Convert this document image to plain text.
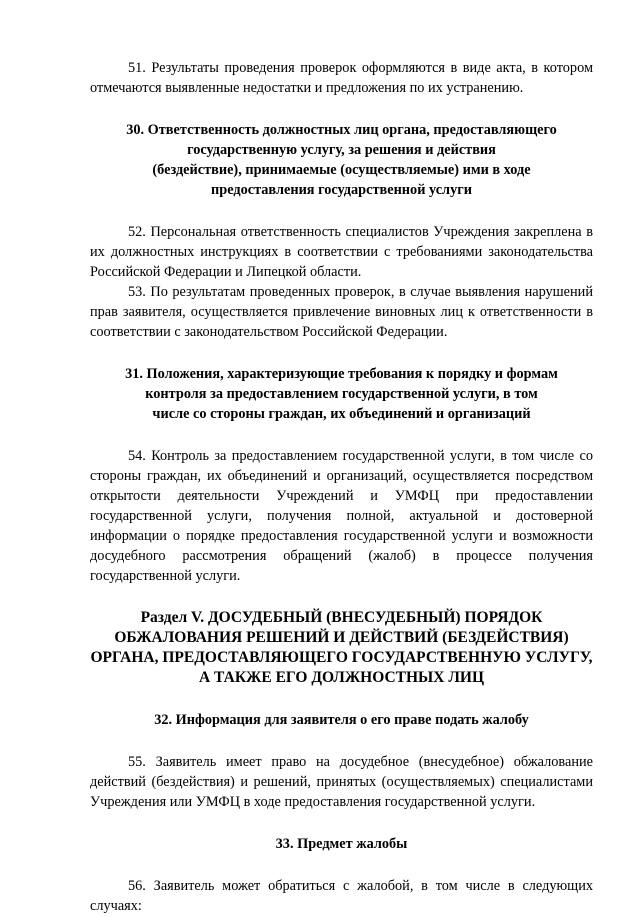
51. Результаты проведения проверок оформляются в виде акта, в котором отмечаются выявленные недостатки и предложения по их устранению.

30. Ответственность должностных лиц органа, предоставляющего

государственную услугу, за решения и действия

(бездействие), принимаемые (осуществляемые) ими в ходе

предоставления государственной услуги

52. Персональная ответственность специалистов Учреждения закреплена в их должностных инструкциях в соответствии с требованиями законодательства Российской Федерации и Липецкой области.

53. По результатам проведенных проверок, в случае выявления нарушений прав заявителя, осуществляется привлечение виновных лиц к ответственности в соответствии с законодательством Российской Федерации.

31. Положения, характеризующие требования к порядку и формам

контроля за предоставлением государственной услуги, в том

числе со стороны граждан, их объединений и организаций

54. Контроль за предоставлением государственной услуги, в том числе со стороны граждан, их объединений и организаций, осуществляется посредством открытости деятельности Учреждений и УМФЦ при предоставлении государственной услуги, получения полной, актуальной и достоверной информации о порядке предоставления государственной услуги и возможности досудебного рассмотрения обращений (жалоб) в процессе получения государственной услуги.

Раздел V. ДОСУДЕБНЫЙ (ВНЕСУДЕБНЫЙ) ПОРЯДОК

ОБЖАЛОВАНИЯ РЕШЕНИЙ И ДЕЙСТВИЙ (БЕЗДЕЙСТВИЯ)

ОРГАНА, ПРЕДОСТАВЛЯЮЩЕГО ГОСУДАРСТВЕННУЮ УСЛУГУ,

А ТАКЖЕ ЕГО ДОЛЖНОСТНЫХ ЛИЦ

32. Информация для заявителя о его праве подать жалобу

55. Заявитель имеет право на досудебное (внесудебное) обжалование действий (бездействия) и решений, принятых (осуществляемых) специалистами Учреждения или УМФЦ в ходе предоставления государственной услуги.

33. Предмет жалобы

56. Заявитель может обратиться с жалобой, в том числе в следующих случаях:
